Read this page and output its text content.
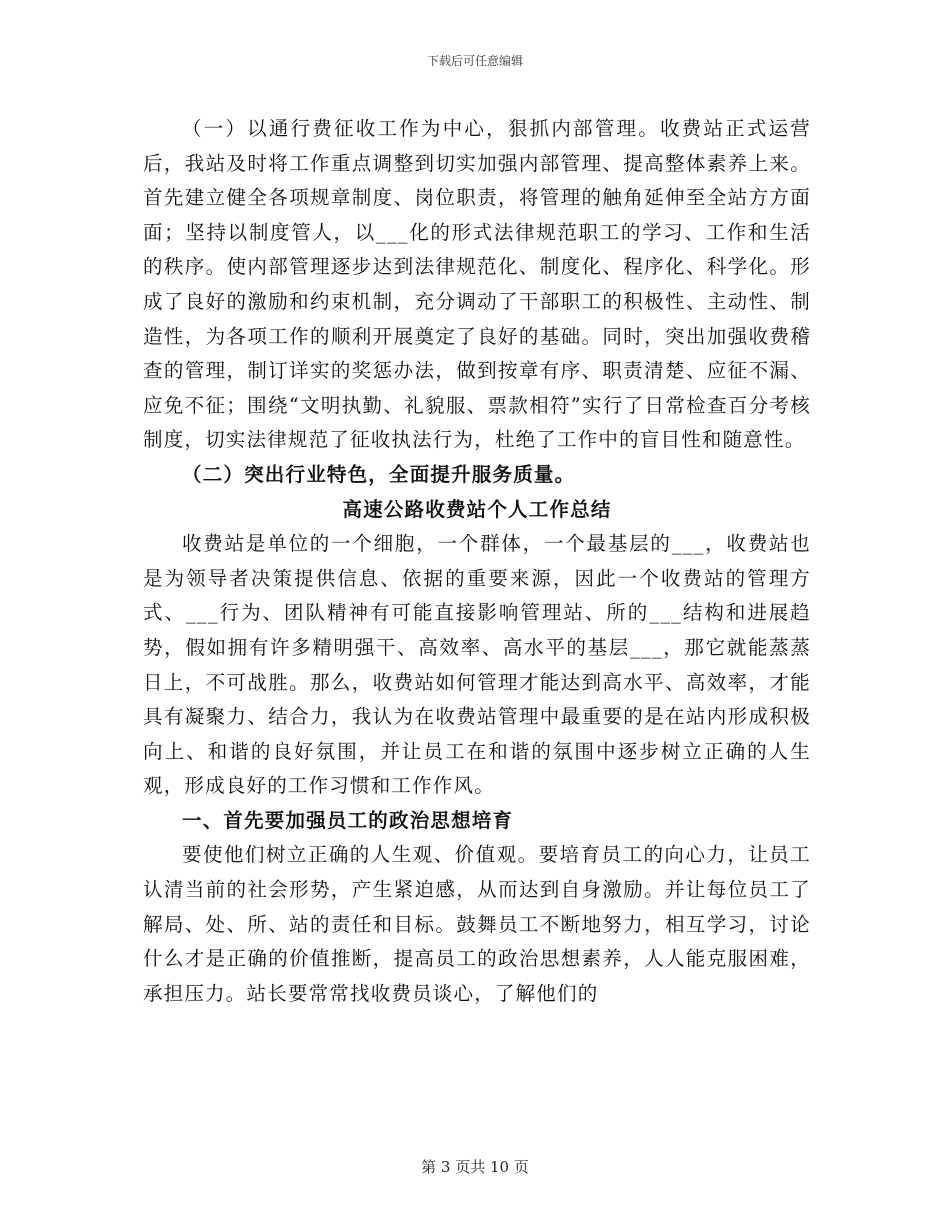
下载后可任意编辑

（一）以通行费征收工作为中心，狠抓内部管理。收费站正式运营后，我站及时将工作重点调整到切实加强内部管理、提高整体素养上来。首先建立健全各项规章制度、岗位职责，将管理的触角延伸至全站方方面面；坚持以制度管人，以___化的形式法律规范职工的学习、工作和生活的秩序。使内部管理逐步达到法律规范化、制度化、程序化、科学化。形成了良好的激励和约束机制，充分调动了干部职工的积极性、主动性、制造性，为各项工作的顺利开展奠定了良好的基础。同时，突出加强收费稽查的管理，制订详实的奖惩办法，做到按章有序、职责清楚、应征不漏、应免不征；围绕“文明执勤、礼貌服、票款相符”实行了日常检查百分考核制度，切实法律规范了征收执法行为，杜绝了工作中的盲目性和随意性。

（二）突出行业特色，全面提升服务质量。

高速公路收费站个人工作总结

收费站是单位的一个细胞，一个群体，一个最基层的___，收费站也是为领导者决策提供信息、依据的重要来源，因此一个收费站的管理方式、___行为、团队精神有可能直接影响管理站、所的___结构和进展趋势，假如拥有许多精明强干、高效率、高水平的基层___，那它就能蒸蒸日上，不可战胜。那么，收费站如何管理才能达到高水平、高效率，才能具有凝聚力、结合力，我认为在收费站管理中最重要的是在站内形成积极向上、和谐的良好氛围，并让员工在和谐的氛围中逐步树立正确的人生观，形成良好的工作习惯和工作作风。

一、首先要加强员工的政治思想培育

要使他们树立正确的人生观、价值观。要培育员工的向心力，让员工认清当前的社会形势，产生紧迫感，从而达到自身激励。并让每位员工了解局、处、所、站的责任和目标。鼓舞员工不断地努力，相互学习，讨论什么才是正确的价值推断，提高员工的政治思想素养，人人能克服困难，承担压力。站长要常常找收费员谈心，了解他们的

第 3 页共 10 页
